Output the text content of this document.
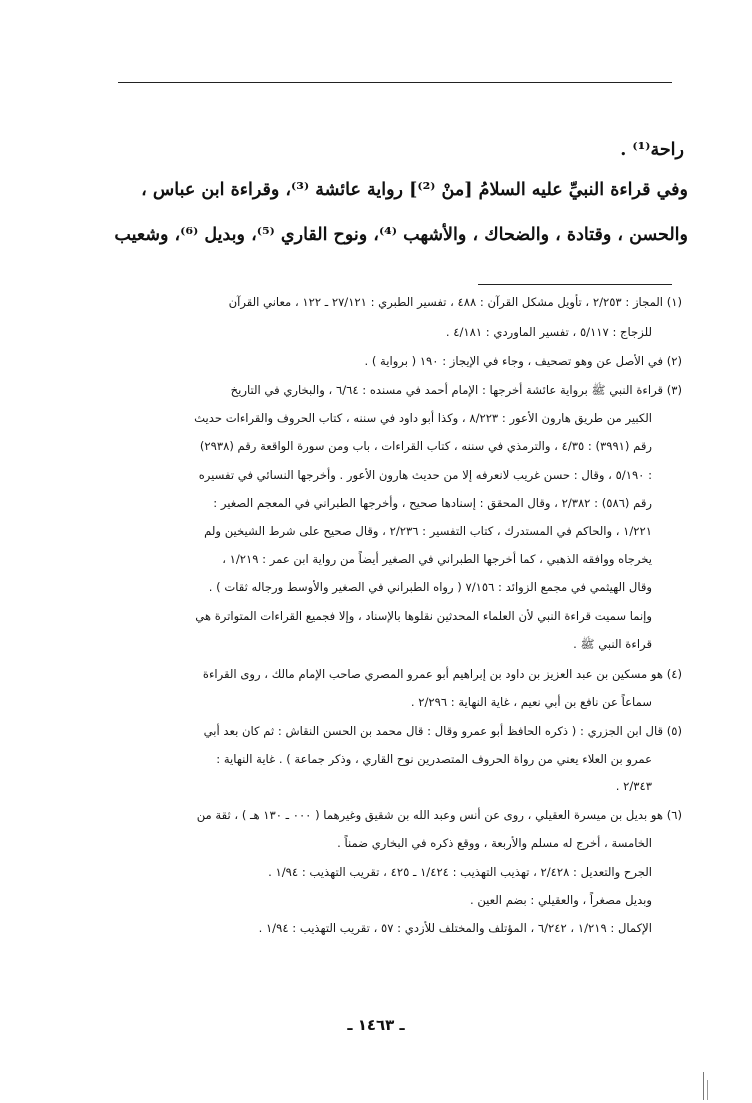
راحة⁽¹⁾ .
وفي قراءة النبيِّ عليه السلامُ [منْ ⁽²⁾] رواية عائشة ⁽³⁾، وقراءة ابن عباس ،
والحسن ، وقتادة ، والضحاك ، والأشهب ⁽⁴⁾، ونوح القاري ⁽⁵⁾، وبديل ⁽⁶⁾، وشعيب
(١) المجاز : ٢/٢٥٣ ، تأويل مشكل القرآن : ٤٨٨ ، تفسير الطبري : ٢٧/١٢١ ـ ١٢٢ ، معاني القرآن
للزجاج : ٥/١١٧ ، تفسير الماوردي : ٤/١٨١ .
(٢) في الأصل عن وهو تصحيف ، وجاء في الإيجاز : ١٩٠ ( برواية ) .
(٣) قراءة النبي ﷺ برواية عائشة أخرجها : الإمام أحمد في مسنده : ٦/٦٤ ، والبخاري في التاريخ
الكبير من طريق هارون الأعور : ٨/٢٢٣ ، وكذا أبو داود في سننه ، كتاب الحروف والقراءات حديث
رقم (٣٩٩١) : ٤/٣٥ ، والترمذي في سننه ، كتاب القراءات ، باب ومن سورة الواقعة رقم (٢٩٣٨)
: ٥/١٩٠ ، وقال : حسن غريب لانعرفه إلا من حديث هارون الأعور . وأخرجها النسائي في تفسيره
رقم (٥٨٦) : ٢/٣٨٢ ، وقال المحقق : إسنادها صحيح ، وأخرجها الطبراني في المعجم الصغير :
١/٢٢١ ، والحاكم في المستدرك ، كتاب التفسير : ٢/٢٣٦ ، وقال صحيح على شرط الشيخين ولم
يخرجاه ووافقه الذهبي ، كما أخرجها الطبراني في الصغير أيضاً من رواية ابن عمر : ١/٢١٩ ،
وقال الهيثمي في مجمع الزوائد : ٧/١٥٦ ( رواه الطبراني في الصغير والأوسط ورجاله ثقات ) .
وإنما سميت قراءة النبي لأن العلماء المحدثين نقلوها بالإسناد ، وإلا فجميع القراءات المتواترة هي
قراءة النبي ﷺ .
(٤) هو مسكين بن عبد العزيز بن داود بن إبراهيم أبو عمرو المصري صاحب الإمام مالك ، روى القراءة
سماعاً عن نافع بن أبي نعيم ، غاية النهاية : ٢/٢٩٦ .
(٥) قال ابن الجزري : ( ذكره الحافظ أبو عمرو وقال : قال محمد بن الحسن النقاش : ثم كان بعد أبي
عمرو بن العلاء يعني من رواة الحروف المتصدرين نوح القاري ، وذكر جماعة ) . غاية النهاية :
٢/٣٤٣ .
(٦) هو بديل بن ميسرة العقيلي ، روى عن أنس وعبد الله بن شقيق وغيرهما ( ٠٠٠ ـ ١٣٠ هـ ) ، ثقة من
الخامسة ، أخرج له مسلم والأربعة ، ووقع ذكره في البخاري ضمناً .
الجرح والتعديل : ٢/٤٢٨ ، تهذيب التهذيب : ١/٤٢٤ ـ ٤٢٥ ، تقريب التهذيب : ١/٩٤ .
وبديل مصغراً ، والعقيلي : بضم العين .
الإكمال : ١/٢١٩ ، ٦/٢٤٢ ، المؤتلف والمختلف للأزدي : ٥٧ ، تقريب التهذيب : ١/٩٤ .
ـ ١٤٦٣ ـ
